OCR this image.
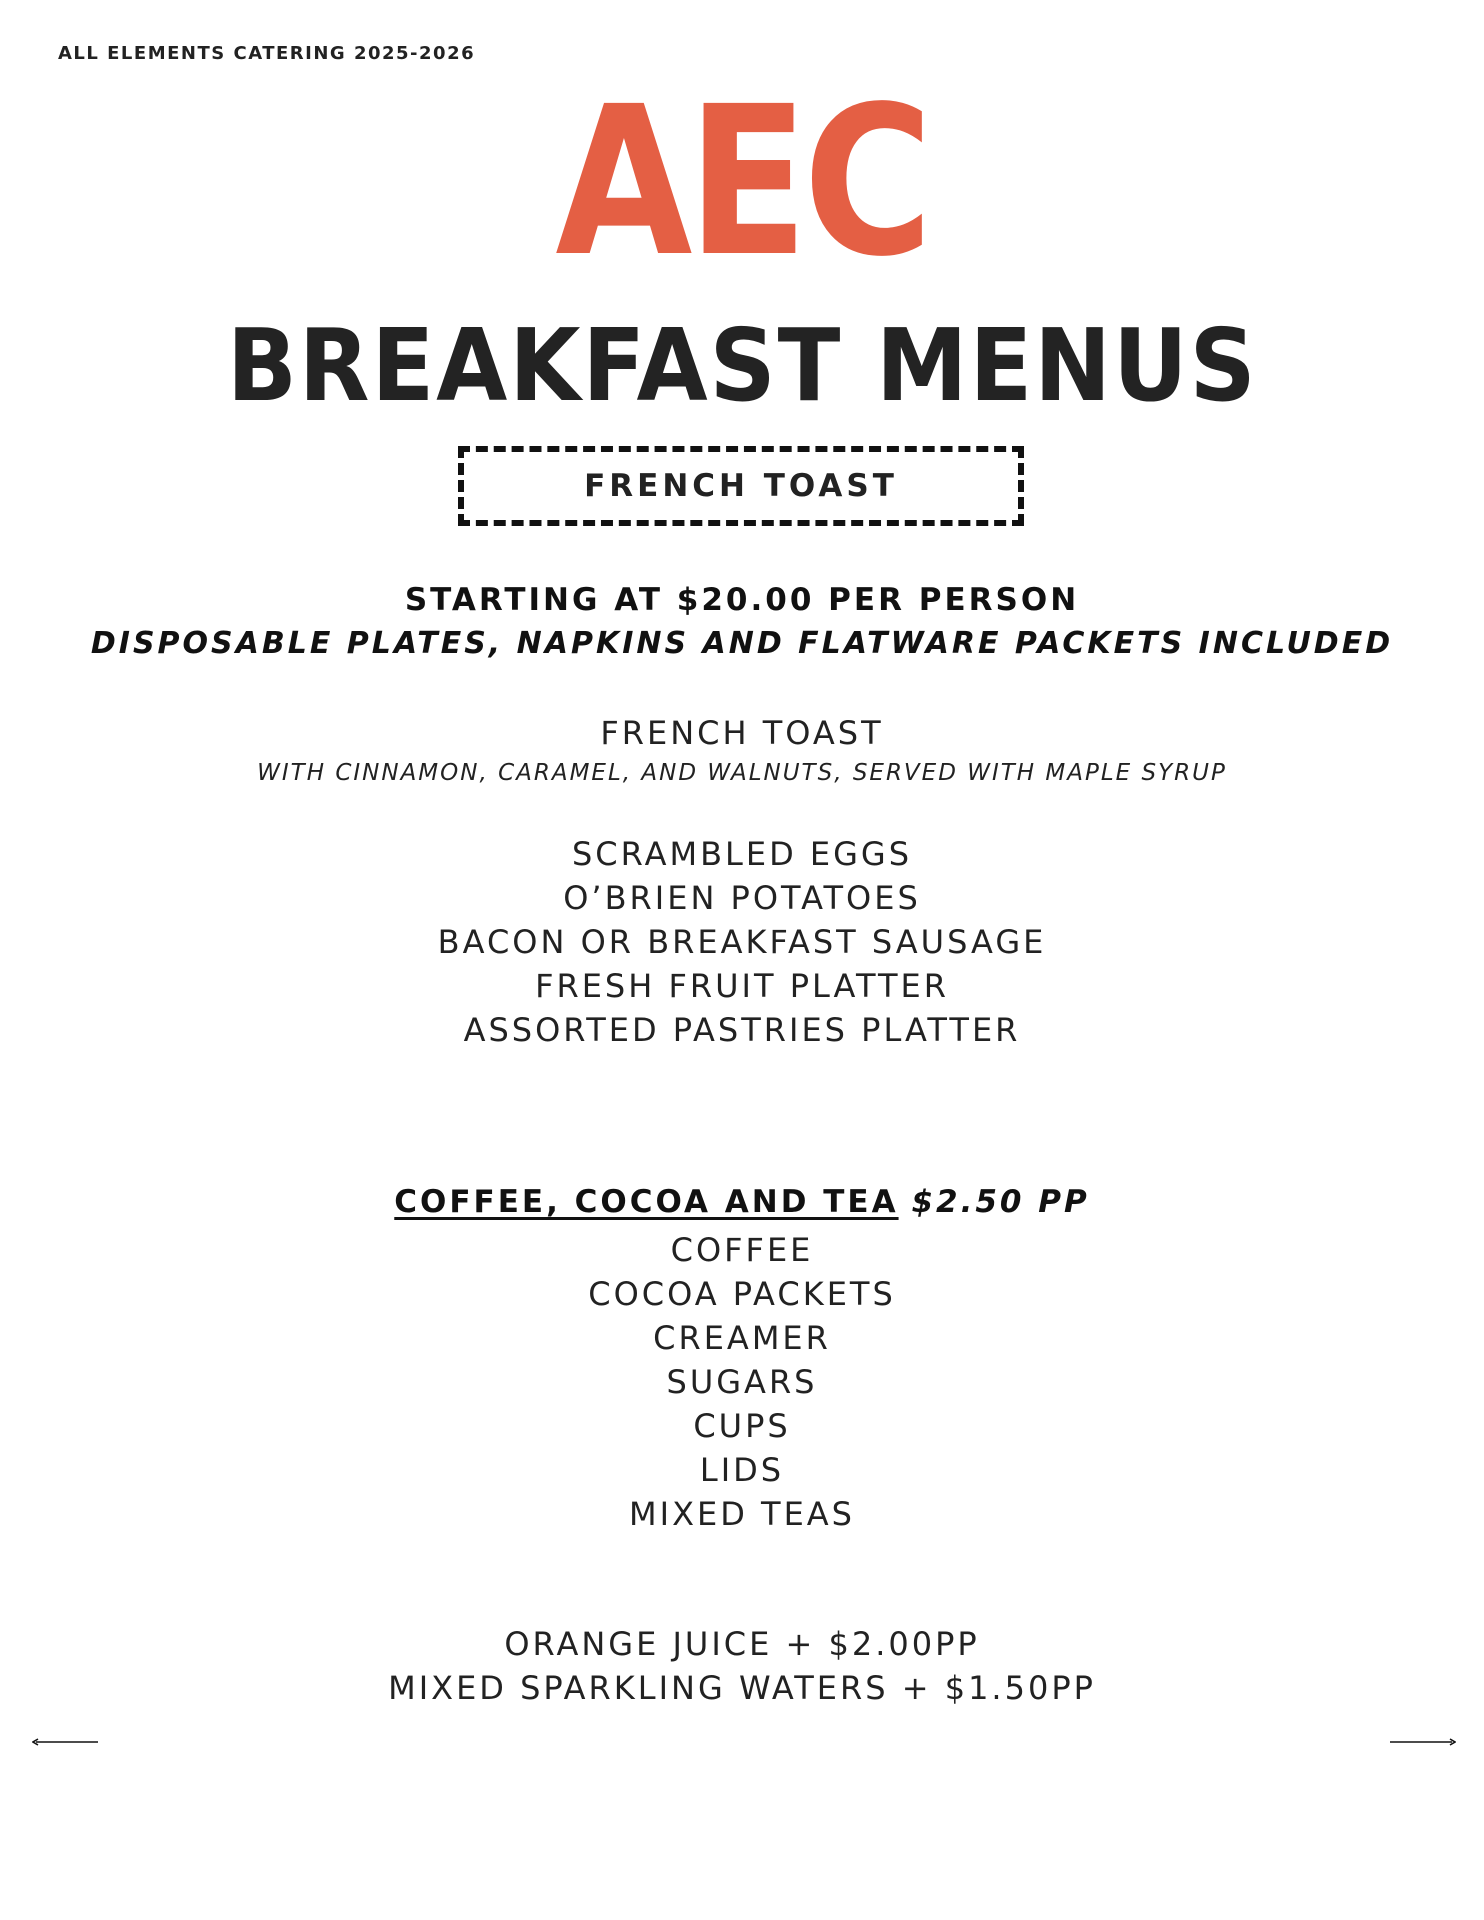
ALL ELEMENTS CATERING 2025-2026
AEC
BREAKFAST MENUS
FRENCH TOAST
STARTING AT $20.00 PER PERSON
DISPOSABLE PLATES, NAPKINS AND FLATWARE PACKETS INCLUDED
FRENCH TOAST
WITH CINNAMON, CARAMEL, AND WALNUTS, SERVED WITH MAPLE SYRUP
SCRAMBLED EGGS
O’BRIEN POTATOES
BACON OR BREAKFAST SAUSAGE
FRESH FRUIT PLATTER
ASSORTED PASTRIES PLATTER
COFFEE, COCOA AND TEA $2.50 PP
COFFEE
COCOA PACKETS
CREAMER
SUGARS
CUPS
LIDS
MIXED TEAS
ORANGE JUICE + $2.00PP
MIXED SPARKLING WATERS + $1.50PP
